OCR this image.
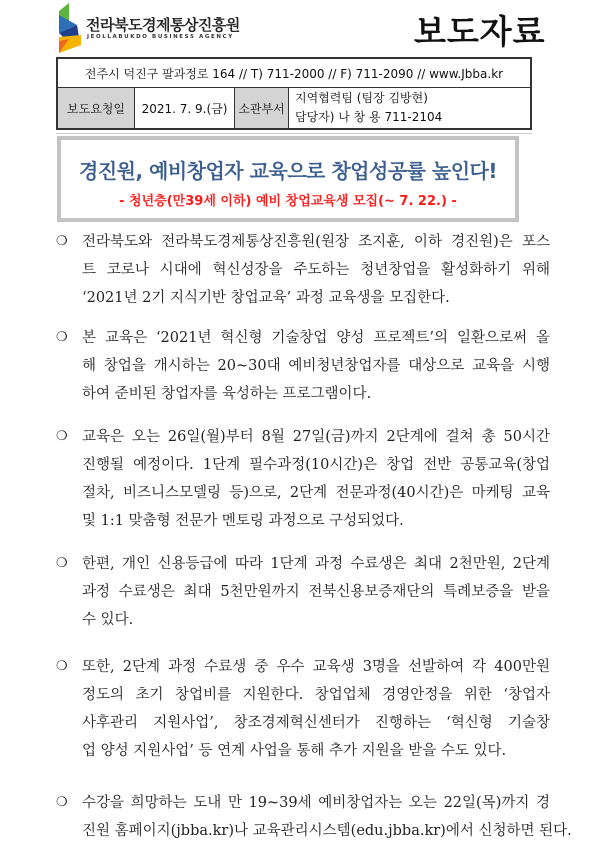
전라북도경제통상진흥원
JEOLLABUKDO BUSINESS AGENCY	보도자료
전주시 덕진구 팔과정로 164 // T) 711-2000 // F) 711-2090 // www.Jbba.kr
보도요청일	2021. 7. 9.(금)	소관부서	
지역협력팀 (팀장 김방현)
담당자) 나 창 용 711-2104
경진원, 예비창업자 교육으로 창업성공률 높인다!
- 청년층(만39세 이하) 예비 창업교육생 모집(~ 7. 22.) -
❍ 전라북도와 전라북도경제통상진흥원(원장 조지훈, 이하 경진원)은 포스
트 코로나 시대에 혁신성장을 주도하는 청년창업을 활성화하기 위해
‘2021년 2기 지식기반 창업교육’ 과정 교육생을 모집한다.
❍ 본 교육은 ‘2021년 혁신형 기술창업 양성 프로젝트’의 일환으로써 올
해 창업을 개시하는 20~30대 예비청년창업자를 대상으로 교육을 시행
하여 준비된 창업자를 육성하는 프로그램이다.
❍ 교육은 오는 26일(월)부터 8월 27일(금)까지 2단계에 걸쳐 총 50시간
진행될 예정이다. 1단계 필수과정(10시간)은 창업 전반 공통교육(창업
절차, 비즈니스모델링 등)으로, 2단계 전문과정(40시간)은 마케팅 교육
및 1:1 맞춤형 전문가 멘토링 과정으로 구성되었다.
❍ 한편, 개인 신용등급에 따라 1단계 과정 수료생은 최대 2천만원, 2단계
과정 수료생은 최대 5천만원까지 전북신용보증재단의 특례보증을 받을
수 있다.
❍ 또한, 2단계 과정 수료생 중 우수 교육생 3명을 선발하여 각 400만원
정도의 초기 창업비를 지원한다. 창업업체 경영안정을 위한 ‘창업자
사후관리 지원사업’, 창조경제혁신센터가 진행하는 ‘혁신형 기술창
업 양성 지원사업’ 등 연계 사업을 통해 추가 지원을 받을 수도 있다.
❍ 수강을 희망하는 도내 만 19~39세 예비창업자는 오는 22일(목)까지 경
진원 홈페이지(jbba.kr)나 교육관리시스템(edu.jbba.kr)에서 신청하면 된다.
